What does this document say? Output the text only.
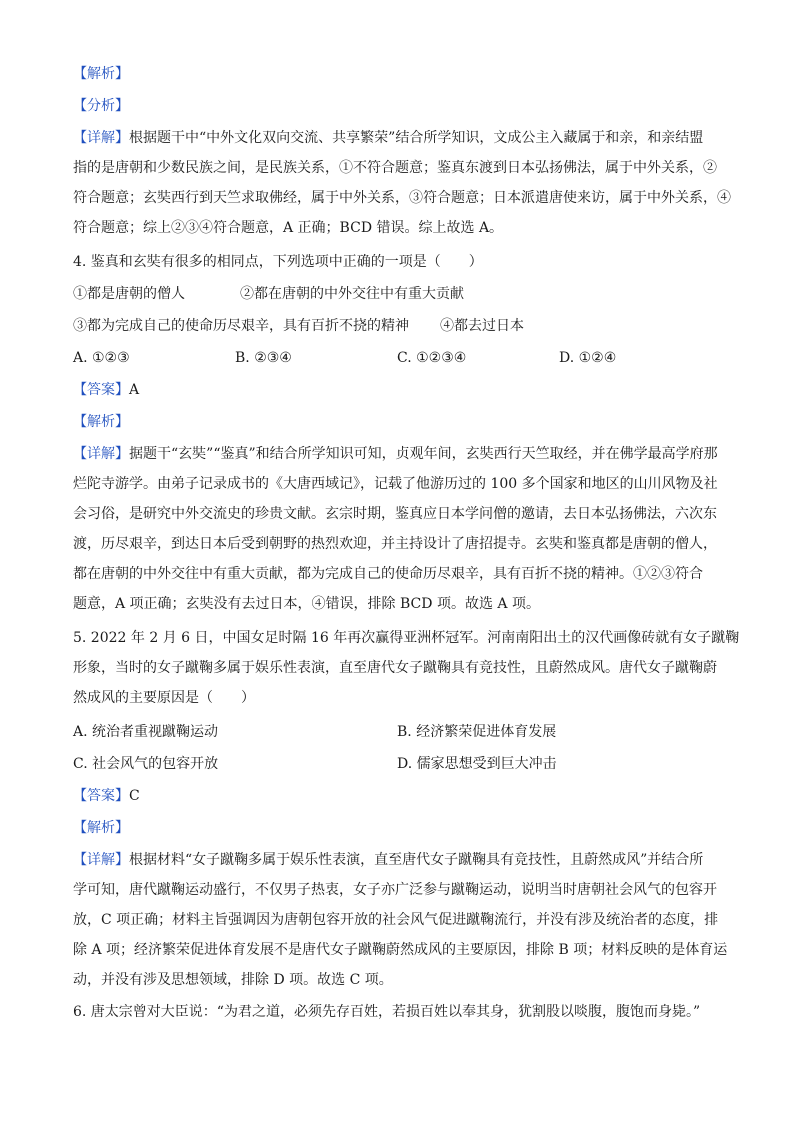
【解析】
【分析】
【详解】根据题干中“中外文化双向交流、共享繁荣”结合所学知识，文成公主入藏属于和亲，和亲结盟
指的是唐朝和少数民族之间，是民族关系，①不符合题意；鉴真东渡到日本弘扬佛法，属于中外关系，②
符合题意；玄奘西行到天竺求取佛经，属于中外关系，③符合题意；日本派遣唐使来访，属于中外关系，④
符合题意；综上②③④符合题意，A 正确；BCD 错误。综上故选 A。
4. 鉴真和玄奘有很多的相同点，下列选项中正确的一项是（　　）
①都是唐朝的僧人	②都在唐朝的中外交往中有重大贡献
③都为完成自己的使命历尽艰辛，具有百折不挠的精神 ④都去过日本
A. ①②③	B. ②③④	C. ①②③④	D. ①②④
【答案】A
【解析】
【详解】据题干“玄奘”“鉴真”和结合所学知识可知，贞观年间，玄奘西行天竺取经，并在佛学最高学府那
烂陀寺游学。由弟子记录成书的《大唐西域记》，记载了他游历过的 100 多个国家和地区的山川风物及社
会习俗，是研究中外交流史的珍贵文献。玄宗时期，鉴真应日本学问僧的邀请，去日本弘扬佛法，六次东
渡，历尽艰辛，到达日本后受到朝野的热烈欢迎，并主持设计了唐招提寺。玄奘和鉴真都是唐朝的僧人，
都在唐朝的中外交往中有重大贡献，都为完成自己的使命历尽艰辛，具有百折不挠的精神。①②③符合
题意，A 项正确；玄奘没有去过日本，④错误，排除 BCD 项。故选 A 项。
5. 2022 年 2 月 6 日，中国女足时隔 16 年再次赢得亚洲杯冠军。河南南阳出土的汉代画像砖就有女子蹴鞠
形象，当时的女子蹴鞠多属于娱乐性表演，直至唐代女子蹴鞠具有竞技性，且蔚然成风。唐代女子蹴鞠蔚
然成风的主要原因是（　　）
A. 统治者重视蹴鞠运动	B. 经济繁荣促进体育发展
C. 社会风气的包容开放	D. 儒家思想受到巨大冲击
【答案】C
【解析】
【详解】根据材料“女子蹴鞠多属于娱乐性表演，直至唐代女子蹴鞠具有竞技性，且蔚然成风”并结合所
学可知，唐代蹴鞠运动盛行，不仅男子热衷，女子亦广泛参与蹴鞠运动，说明当时唐朝社会风气的包容开
放，C 项正确；材料主旨强调因为唐朝包容开放的社会风气促进蹴鞠流行，并没有涉及统治者的态度，排
除 A 项；经济繁荣促进体育发展不是唐代女子蹴鞠蔚然成风的主要原因，排除 B 项；材料反映的是体育运
动，并没有涉及思想领域，排除 D 项。故选 C 项。
6. 唐太宗曾对大臣说：“为君之道，必须先存百姓，若损百姓以奉其身，犹割股以啖腹，腹饱而身毙。”
